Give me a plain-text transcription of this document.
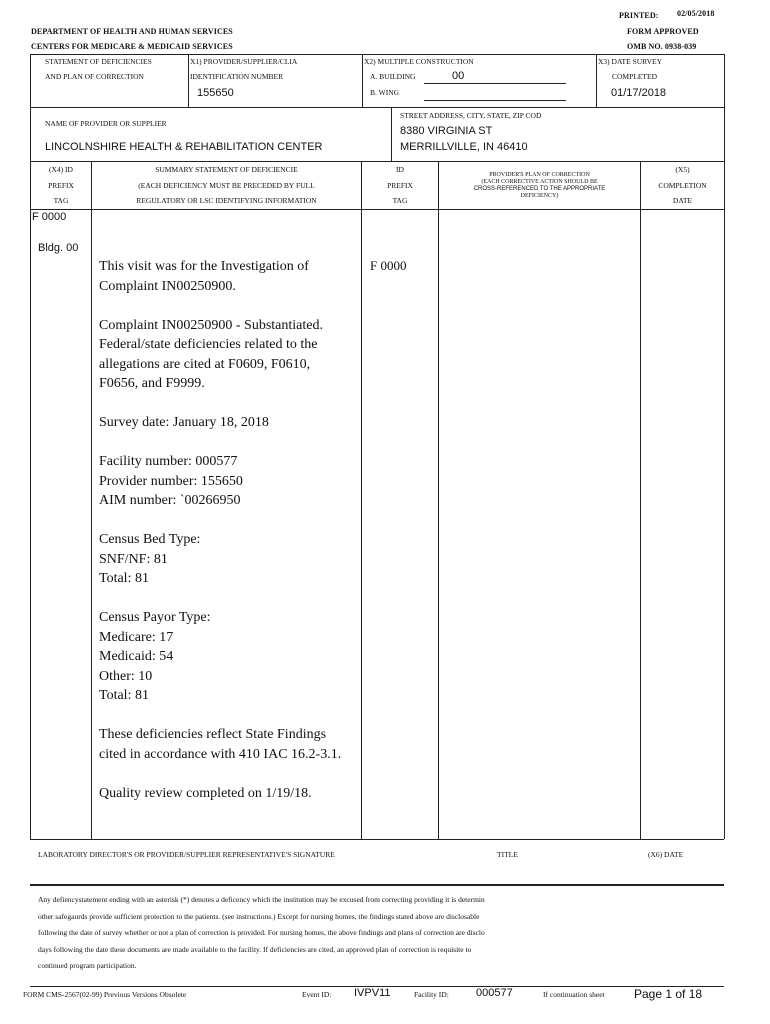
PRINTED: 02/05/2018
DEPARTMENT OF HEALTH AND HUMAN SERVICES
CENTERS FOR MEDICARE & MEDICAID SERVICES
FORM APPROVED
OMB NO. 0938-039
STATEMENT OF DEFICIENCIES
AND PLAN OF CORRECTION
X1) PROVIDER/SUPPLIER/CLIA
IDENTIFICATION NUMBER
155650
X2) MULTIPLE CONSTRUCTION
A. BUILDING	00
B. WING
X3) DATE SURVEY
COMPLETED
01/17/2018
NAME OF PROVIDER OR SUPPLIER
LINCOLNSHIRE HEALTH & REHABILITATION CENTER
STREET ADDRESS, CITY, STATE, ZIP COD
8380 VIRGINIA ST
MERRILLVILLE, IN 46410
(X4) ID
PREFIX
TAG
SUMMARY STATEMENT OF DEFICIENCIE
(EACH DEFICIENCY MUST BE PRECEDED BY FULL
REGULATORY OR LSC IDENTIFYING INFORMATION
ID
PREFIX
TAG
PROVIDER'S PLAN OF CORRECTION
(EACH CORRECTIVE ACTION SHOULD BE
CROSS-REFERENCED TO THE APPROPRIATE
DEFICIENCY)
(X5)
COMPLETION
DATE
F 0000
Bldg. 00
F 0000
This visit was for the Investigation of
Complaint IN00250900.
Complaint IN00250900 - Substantiated.
Federal/state deficiencies related to the
allegations are cited at F0609, F0610,
F0656, and F9999.
Survey date: January 18, 2018
Facility number: 000577
Provider number: 155650
AIM number: `00266950
Census Bed Type:
SNF/NF: 81
Total: 81
Census Payor Type:
Medicare: 17
Medicaid: 54
Other: 10
Total: 81
These deficiencies reflect State Findings
cited in accordance with 410 IAC 16.2-3.1.
Quality review completed on 1/19/18.
LABORATORY DIRECTOR'S OR PROVIDER/SUPPLIER REPRESENTATIVE'S SIGNATURE	TITLE	(X6) DATE
Any defiencystatement ending with an asterisk (*) denotes a deficency which the institution may be excused from correcting providing it is determin
other safegaurds provide sufficient protection to the patients. (see instructions.) Except for nursing homes, the findings stated above are disclosable
following the date of survey whether or not a plan of correction is provided. For nursing homes, the above findings and plans of correction are disclo
days following the date these documents are made available to the facility. If deficiencies are cited, an approved plan of correction is requisite to
continued program participation.
FORM CMS-2567(02-99) Previous Versions Obsolete	Event ID: IVPV11	Facility ID: 000577	If continuation sheet Page 1 of 18
